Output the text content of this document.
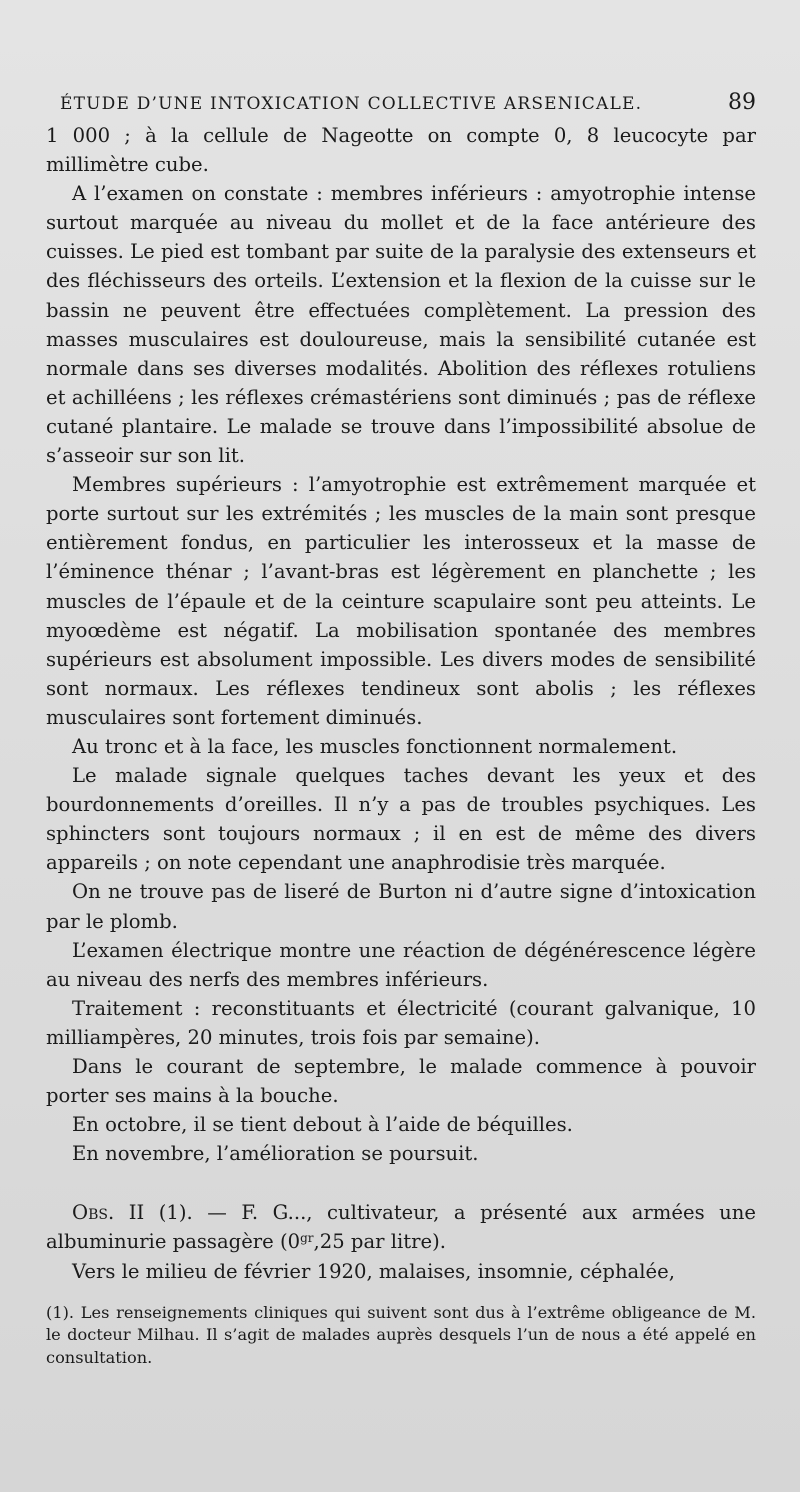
ÉTUDE D’UNE INTOXICATION COLLECTIVE ARSENICALE.	89

1 000 ; à la cellule de Nageotte on compte 0, 8 leucocyte par millimètre cube.

A l’examen on constate : membres inférieurs : amyotrophie intense surtout marquée au niveau du mollet et de la face antérieure des cuisses. Le pied est tombant par suite de la paralysie des extenseurs et des fléchisseurs des orteils. L’extension et la flexion de la cuisse sur le bassin ne peuvent être effectuées complètement. La pression des masses musculaires est douloureuse, mais la sensibilité cutanée est normale dans ses diverses modalités. Abolition des réflexes rotuliens et achilléens ; les réflexes crémastériens sont diminués ; pas de réflexe cutané plantaire. Le malade se trouve dans l’impossibilité absolue de s’asseoir sur son lit.

Membres supérieurs : l’amyotrophie est extrêmement marquée et porte surtout sur les extrémités ; les muscles de la main sont presque entièrement fondus, en particulier les interosseux et la masse de l’éminence thénar ; l’avant-bras est légèrement en planchette ; les muscles de l’épaule et de la ceinture scapulaire sont peu atteints. Le myoœdème est négatif. La mobilisation spontanée des membres supérieurs est absolument impossible. Les divers modes de sensibilité sont normaux. Les réflexes tendineux sont abolis ; les réflexes musculaires sont fortement diminués.

Au tronc et à la face, les muscles fonctionnent normalement.

Le malade signale quelques taches devant les yeux et des bourdonnements d’oreilles. Il n’y a pas de troubles psychiques. Les sphincters sont toujours normaux ; il en est de même des divers appareils ; on note cependant une anaphrodisie très marquée.

On ne trouve pas de liseré de Burton ni d’autre signe d’intoxication par le plomb.

L’examen électrique montre une réaction de dégénérescence légère au niveau des nerfs des membres inférieurs.

Traitement : reconstituants et électricité (courant galvanique, 10 milliampères, 20 minutes, trois fois par semaine).

Dans le courant de septembre, le malade commence à pouvoir porter ses mains à la bouche.

En octobre, il se tient debout à l’aide de béquilles.

En novembre, l’amélioration se poursuit.

Obs. II (1). — F. G..., cultivateur, a présenté aux armées une albuminurie passagère ($0^{gr},25$ par litre).

Vers le milieu de février 1920, malaises, insomnie, céphalée,

(1). Les renseignements cliniques qui suivent sont dus à l’extrême obligeance de M. le docteur Milhau. Il s’agit de malades auprès desquels l’un de nous a été appelé en consultation.
